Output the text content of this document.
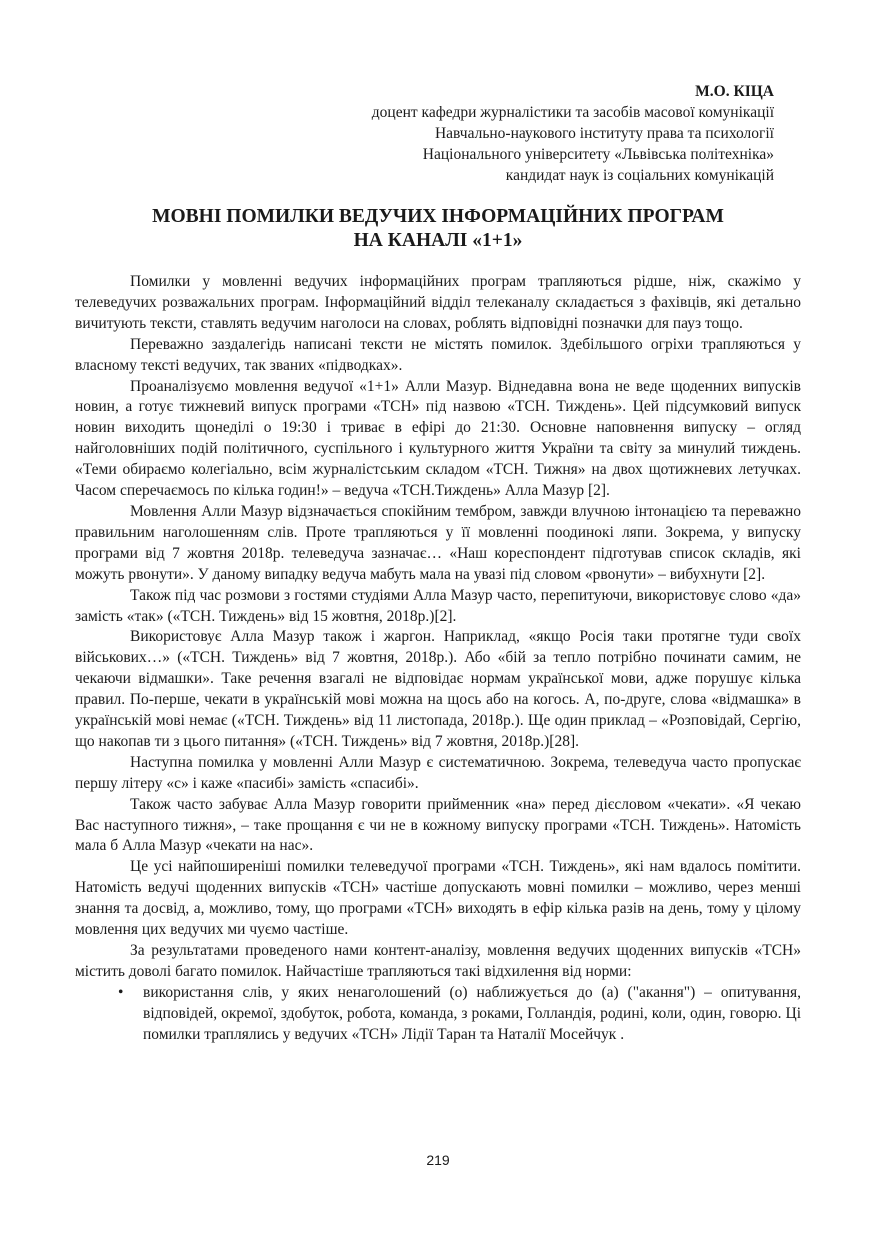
М.О. КІЦА
доцент кафедри журналістики та засобів масової комунікації
Навчально-наукового інституту права та психології
Національного університету «Львівська політехніка»
кандидат наук із соціальних комунікацій
МОВНІ ПОМИЛКИ ВЕДУЧИХ ІНФОРМАЦІЙНИХ ПРОГРАМ
НА КАНАЛІ «1+1»

Помилки у мовленні ведучих інформаційних програм трапляються рідше, ніж, скажімо у телеведучих розважальних програм. Інформаційний відділ телеканалу складається з фахівців, які детально вичитують тексти, ставлять ведучим наголоси на словах, роблять відповідні позначки для пауз тощо.

Переважно заздалегідь написані тексти не містять помилок. Здебільшого огріхи трапляються у власному тексті ведучих, так званих «підводках».

Проаналізуємо мовлення ведучої «1+1» Алли Мазур. Віднедавна вона не веде щоденних випусків новин, а готує тижневий випуск програми «ТСН» під назвою «ТСН. Тиждень». Цей підсумковий випуск новин виходить щонеділі о 19:30 і триває в ефірі до 21:30. Основне наповнення випуску – огляд найголовніших подій політичного, суспільного і культурного життя України та світу за минулий тиждень. «Теми обираємо колегіально, всім журналістським складом «ТСН. Тижня» на двох щотижневих летучках. Часом сперечаємось по кілька годин!» – ведуча «ТСН.Тиждень» Алла Мазур [2].

Мовлення Алли Мазур відзначається спокійним тембром, завжди влучною інтонацією та переважно правильним наголошенням слів. Проте трапляються у її мовленні поодинокі ляпи. Зокрема, у випуску програми від 7 жовтня 2018р. телеведуча зазначає… «Наш кореспондент підготував список складів, які можуть рвонути». У даному випадку ведуча мабуть мала на увазі під словом «рвонути» – вибухнути [2].

Також під час розмови з гостями студіями Алла Мазур часто, перепитуючи, використовує слово «да» замість «так» («ТСН. Тиждень» від 15 жовтня, 2018р.)[2].

Використовує Алла Мазур також і жаргон. Наприклад, «якщо Росія таки протягне туди своїх військових…» («ТСН. Тиждень» від 7 жовтня, 2018р.). Або «бій за тепло потрібно починати самим, не чекаючи відмашки». Таке речення взагалі не відповідає нормам української мови, адже порушує кілька правил. По-перше, чекати в українській мові можна на щось або на когось. А, по-друге, слова «відмашка» в українській мові немає («ТСН. Тиждень» від 11 листопада, 2018р.). Ще один приклад – «Розповідай, Сергію, що накопав ти з цього питання» («ТСН. Тиждень» від 7 жовтня, 2018р.)[28].

Наступна помилка у мовленні Алли Мазур є систематичною. Зокрема, телеведуча часто пропускає першу літеру «с» і каже «пасибі» замість «спасибі».

Також часто забуває Алла Мазур говорити прийменник «на» перед дієсловом «чекати». «Я чекаю Вас наступного тижня», – таке прощання є чи не в кожному випуску програми «ТСН. Тиждень». Натомість мала б Алла Мазур «чекати на нас».

Це усі найпоширеніші помилки телеведучої програми «ТСН. Тиждень», які нам вдалось помітити. Натомість ведучі щоденних випусків «ТСН» частіше допускають мовні помилки – можливо, через менші знання та досвід, а, можливо, тому, що програми «ТСН» виходять в ефір кілька разів на день, тому у цілому мовлення цих ведучих ми чуємо частіше.

За результатами проведеного нами контент-аналізу, мовлення ведучих щоденних випусків «ТСН» містить доволі багато помилок. Найчастіше трапляються такі відхилення від норми:

• використання слів, у яких ненаголошений (о) наближується до (а) ("акання") – опитування, відповідей, окремої, здобуток, робота, команда, з роками, Голландія, родині, коли, один, говорю. Ці помилки траплялись у ведучих «ТСН» Лідії Таран та Наталії Мосейчук .
219
